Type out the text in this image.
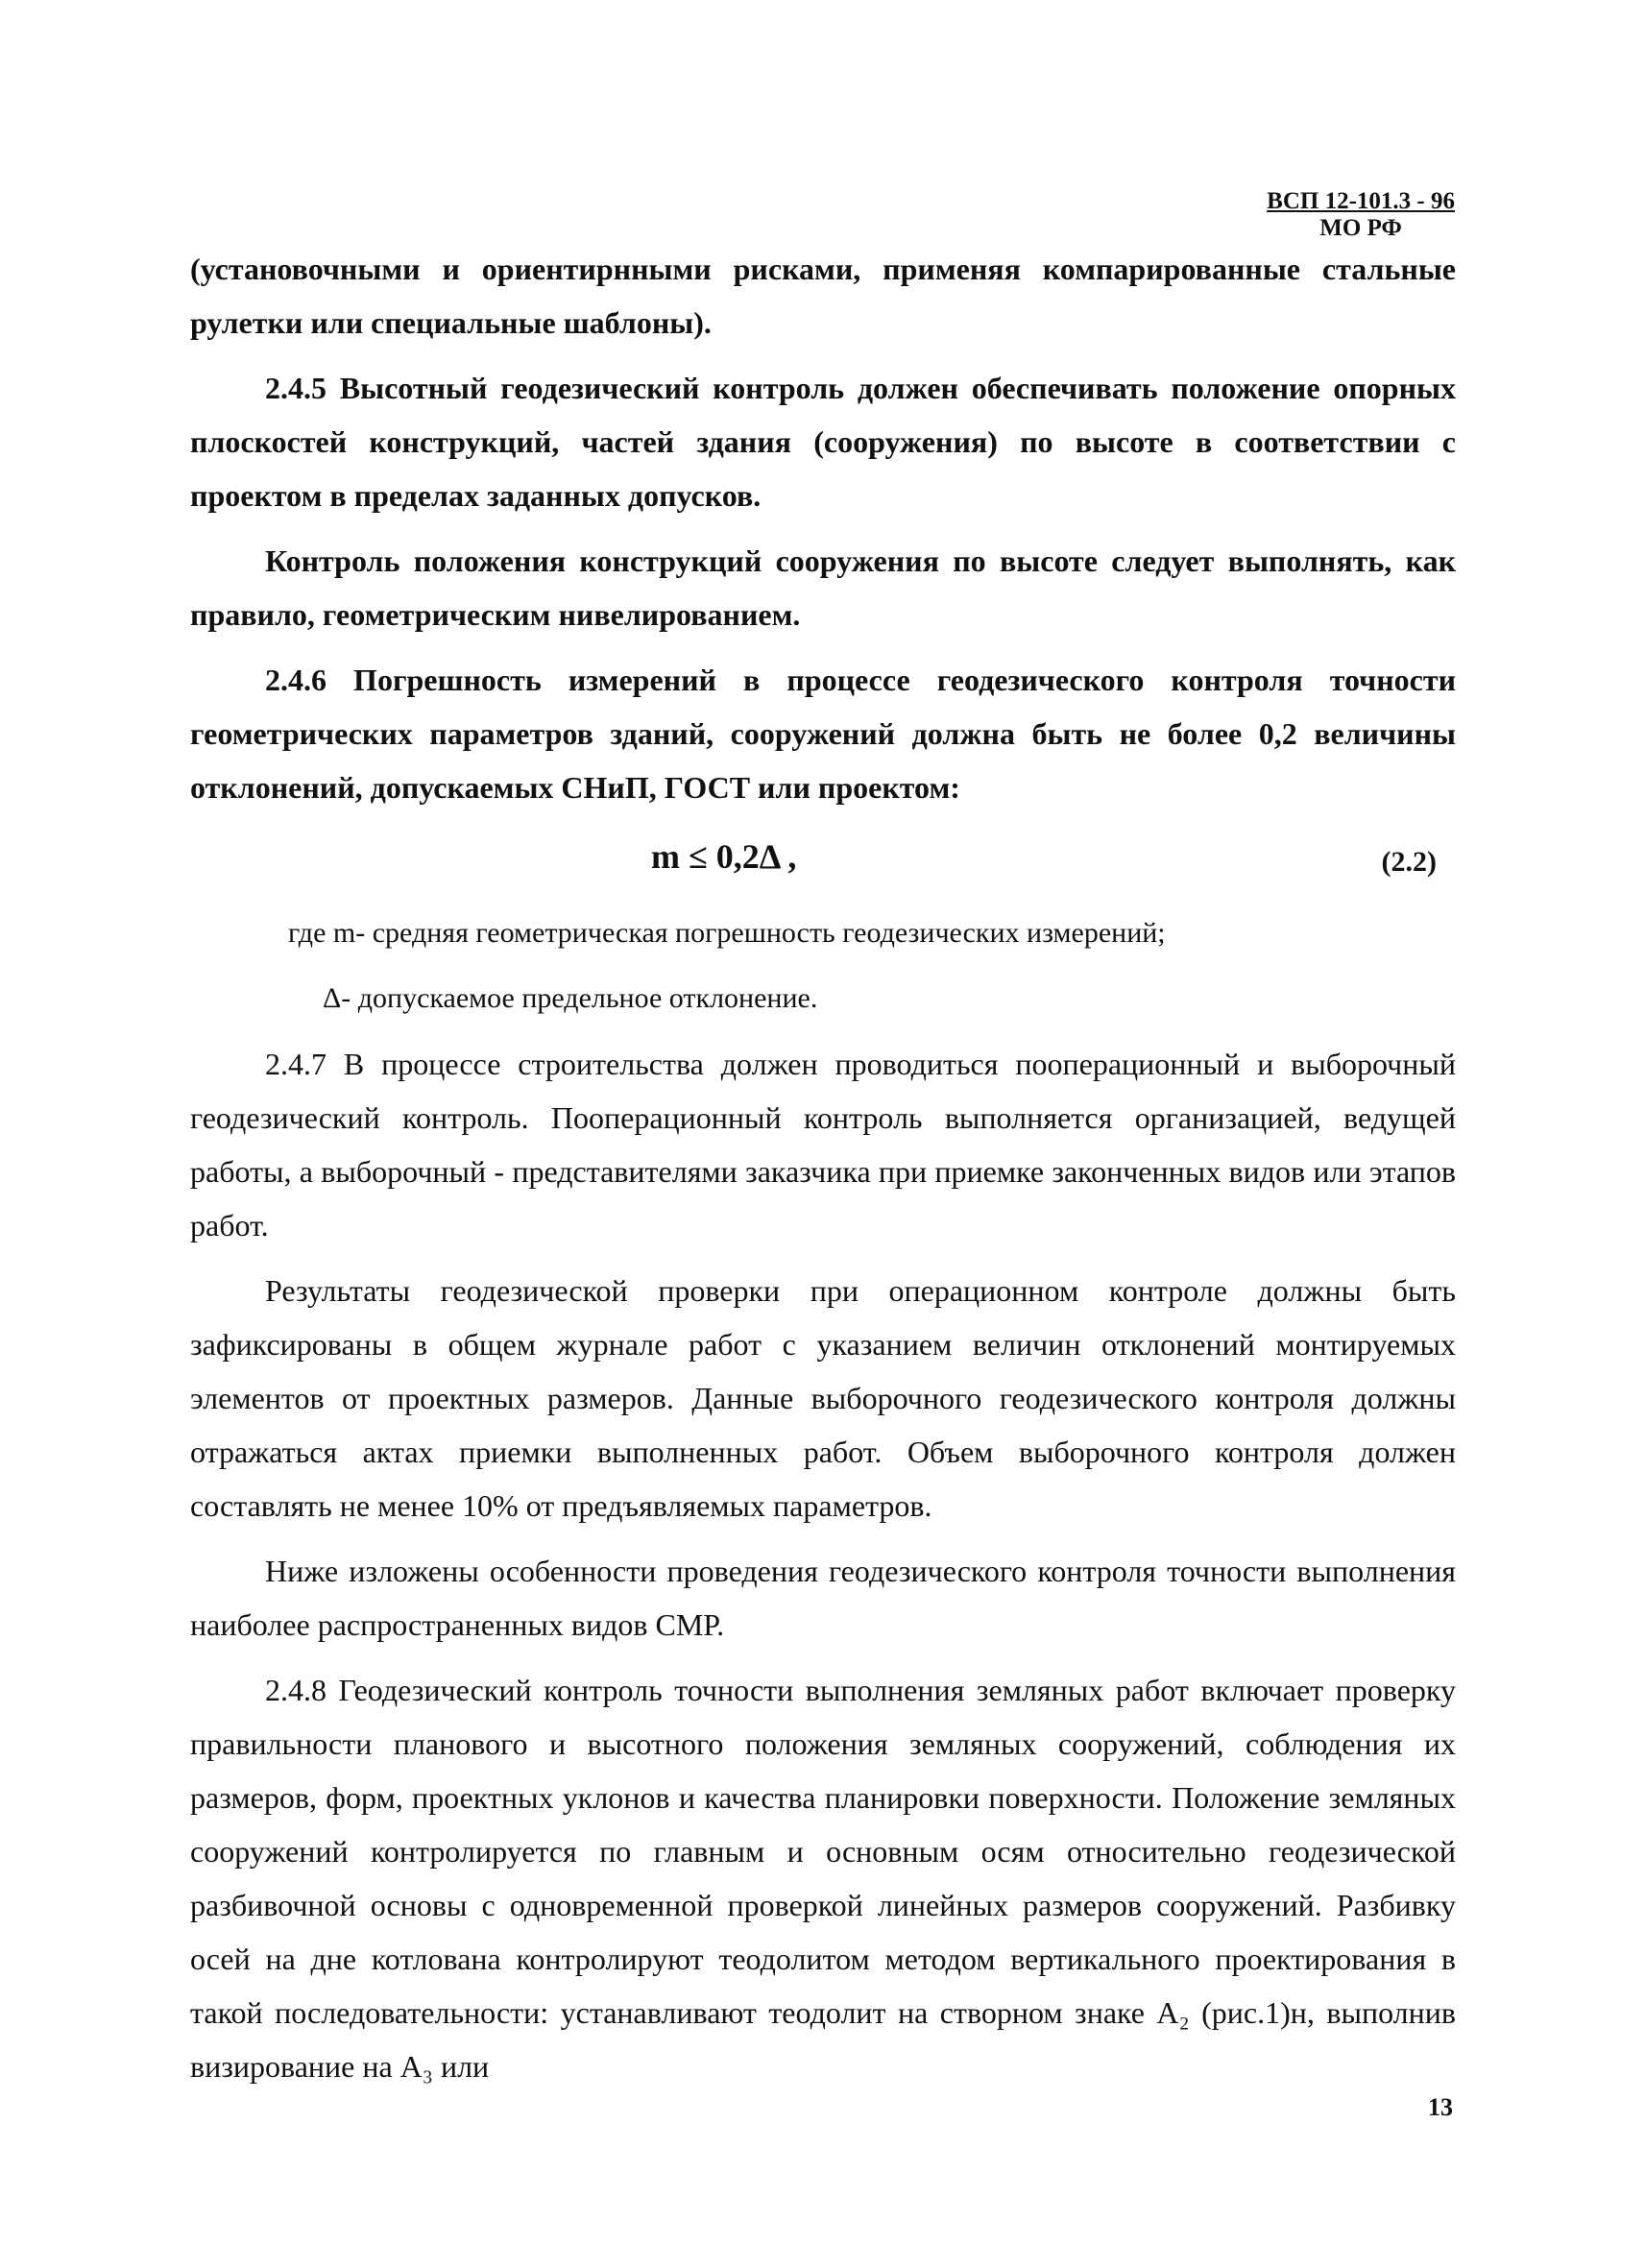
ВСП 12-101.3 - 96
МО РФ

(установочными и ориентирнными рисками, применяя компарированные стальные рулетки или специальные шаблоны).

2.4.5 Высотный геодезический контроль должен обеспечивать положение опорных плоскостей конструкций, частей здания (сооружения) по высоте в соответствии с проектом в пределах заданных допусков.

Контроль положения конструкций сооружения по высоте следует выполнять, как правило, геометрическим нивелированием.

2.4.6 Погрешность измерений в процессе геодезического контроля точности геометрических параметров зданий, сооружений должна быть не более 0,2 величины отклонений, допускаемых СНиП, ГОСТ или проектом:

m ≤ 0,2Δ ,	(2.2)

где m- средняя геометрическая погрешность геодезических измерений;

Δ- допускаемое предельное отклонение.

2.4.7 В процессе строительства должен проводиться пооперационный и выборочный геодезический контроль. Пооперационный контроль выполняется организацией, ведущей работы, а выборочный - представителями заказчика при приемке законченных видов или этапов работ.

Результаты геодезической проверки при операционном контроле должны быть зафиксированы в общем журнале работ с указанием величин отклонений монтируемых элементов от проектных размеров. Данные выборочного геодезического контроля должны отражаться актах приемки выполненных работ. Объем выборочного контроля должен составлять не менее 10% от предъявляемых параметров.

Ниже изложены особенности проведения геодезического контроля точности выполнения наиболее распространенных видов СМР.

2.4.8 Геодезический контроль точности выполнения земляных работ включает проверку правильности планового и высотного положения земляных сооружений, соблюдения их размеров, форм, проектных уклонов и качества планировки поверхности. Положение земляных сооружений контролируется по главным и основным осям относительно геодезической разбивочной основы с одновременной проверкой линейных размеров сооружений. Разбивку осей на дне котлована контролируют теодолитом методом вертикального проектирования в такой последовательности: устанавливают теодолит на створном знаке А₂ (рис.1)н, выполнив визирование на А₃ или

13
